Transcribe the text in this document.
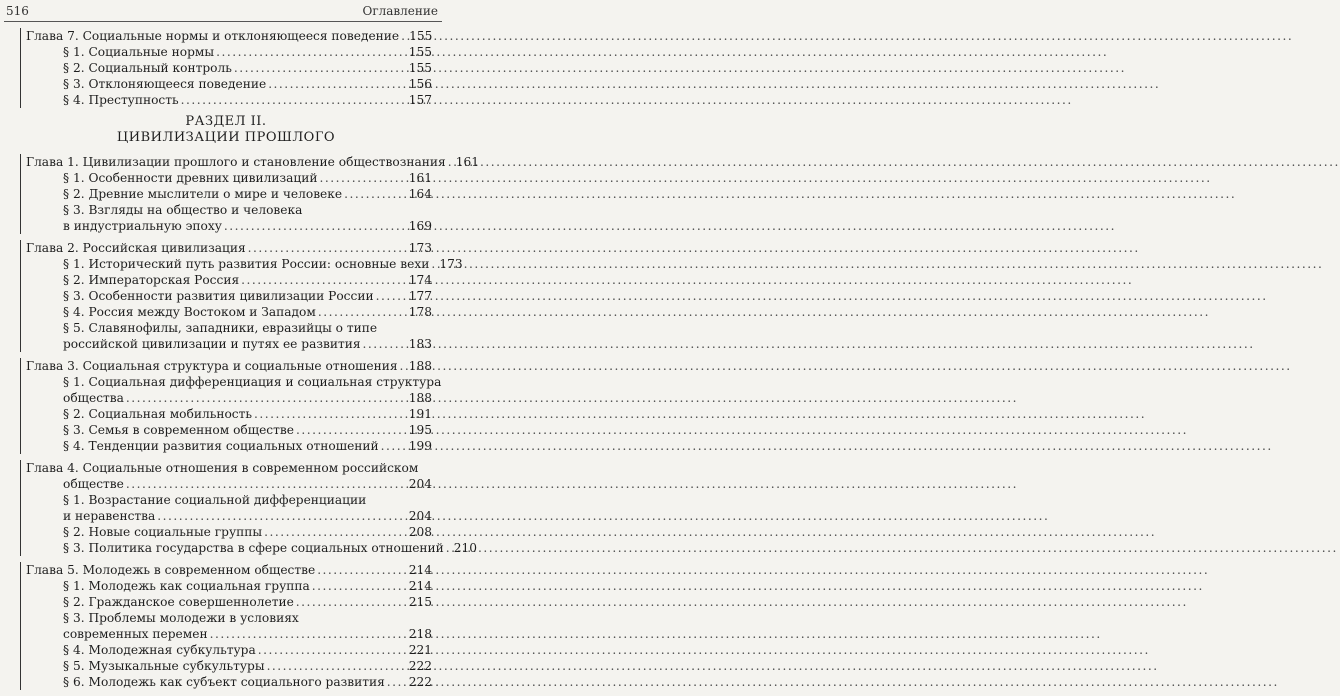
516	Оглавление
Глава 7. Социальные нормы и отклоняющееся поведение ..... 155
§ 1. Социальные нормы .....	155
§ 2. Социальный контроль .....	155
§ 3. Отклоняющееся поведение .....	156
§ 4. Преступность .....	157
РАЗДЕЛ II.
ЦИВИЛИЗАЦИИ ПРОШЛОГО
Глава 1. Цивилизации прошлого и становление обществознания ..... 161
§ 1. Особенности древних цивилизаций .....	161
§ 2. Древние мыслители о мире и человеке .....	164
§ 3. Взгляды на общество и человека
в индустриальную эпоху .....	169
Глава 2. Российская цивилизация .....	173
§ 1. Исторический путь развития России: основные вехи ..... 173
§ 2. Императорская Россия .....	174
§ 3. Особенности развития цивилизации России .....	177
§ 4. Россия между Востоком и Западом .....	178
§ 5. Славянофилы, западники, евразийцы о типе
российской цивилизации и путях ее развития .....	183
Глава 3. Социальная структура и социальные отношения ..... 188
§ 1. Социальная дифференциация и социальная структура
общества .....	188
§ 2. Социальная мобильность .....	191
§ 3. Семья в современном обществе .....	195
§ 4. Тенденции развития социальных отношений ..... 199
Глава 4. Социальные отношения в современном российском
обществе .....	204
§ 1. Возрастание социальной дифференциации
и неравенства .....	204
§ 2. Новые социальные группы .....	208
§ 3. Политика государства в сфере социальных отношений ..... 210
Глава 5. Молодежь в современном обществе .....	214
§ 1. Молодежь как социальная группа .....	214
§ 2. Гражданское совершеннолетие .....	215
§ 3. Проблемы молодежи в условиях
современных перемен .....	218
§ 4. Молодежная субкультура .....	221
§ 5. Музыкальные субкультуры .....	222
§ 6. Молодежь как субъект социального развития ..... 222
